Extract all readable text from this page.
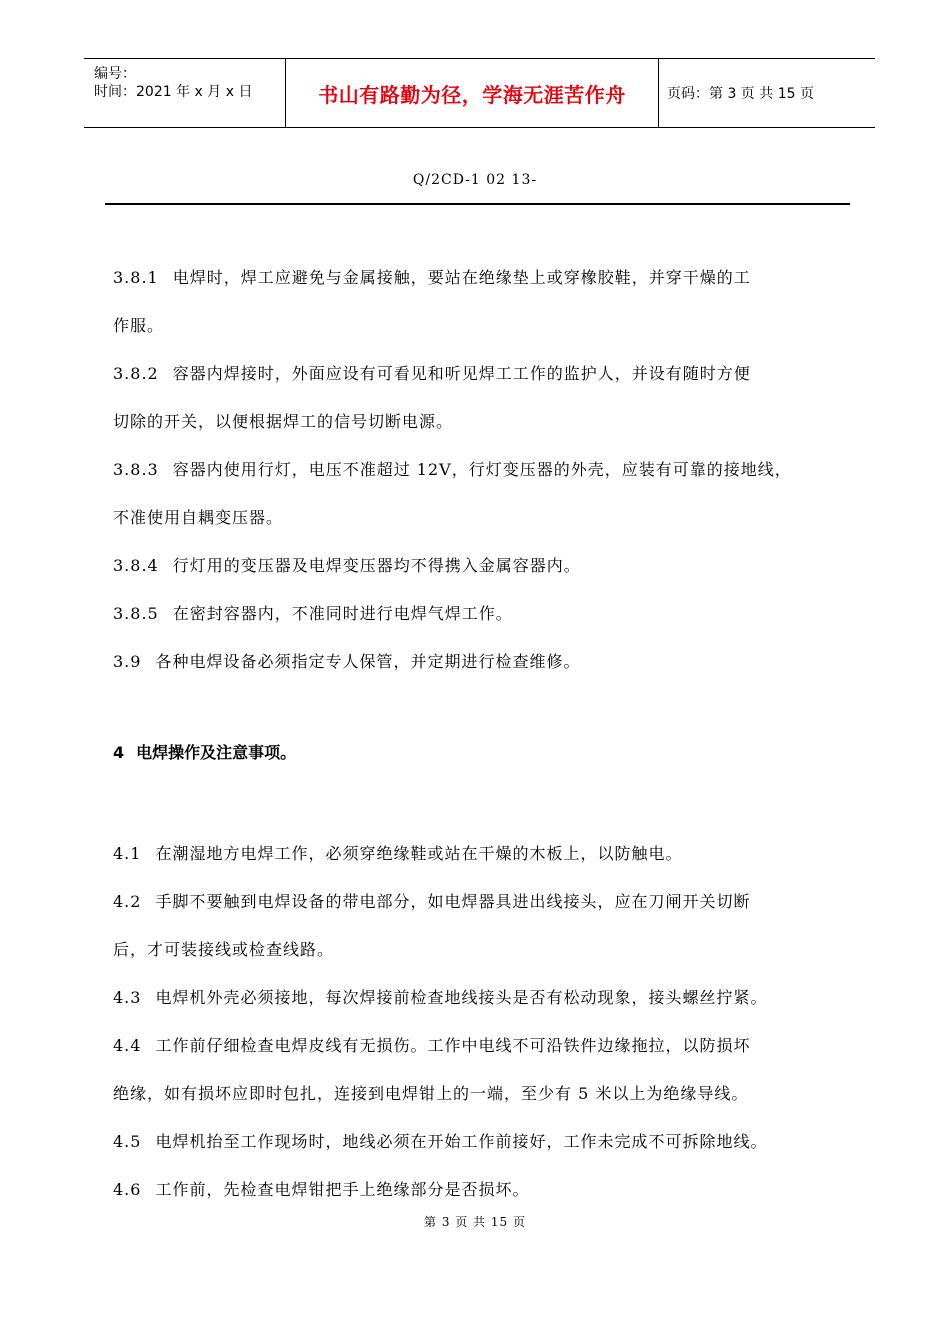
编号：
时间：2021 年 x 月 x 日	书山有路勤为径，学海无涯苦作舟	页码：第 3 页 共 15 页
Q/2CD-1 02 13-
3.8.1 电焊时，焊工应避免与金属接触，要站在绝缘垫上或穿橡胶鞋，并穿干燥的工
作服。
3.8.2 容器内焊接时，外面应设有可看见和听见焊工工作的监护人，并设有随时方便
切除的开关，以便根据焊工的信号切断电源。
3.8.3 容器内使用行灯，电压不准超过 12V，行灯变压器的外壳，应装有可靠的接地线，
不准使用自耦变压器。
3.8.4 行灯用的变压器及电焊变压器均不得携入金属容器内。
3.8.5 在密封容器内，不准同时进行电焊气焊工作。
3.9 各种电焊设备必须指定专人保管，并定期进行检查维修。
4 电焊操作及注意事项。
4.1 在潮湿地方电焊工作，必须穿绝缘鞋或站在干燥的木板上，以防触电。
4.2 手脚不要触到电焊设备的带电部分，如电焊器具进出线接头，应在刀闸开关切断
后，才可装接线或检查线路。
4.3 电焊机外壳必须接地，每次焊接前检查地线接头是否有松动现象，接头螺丝拧紧。
4.4 工作前仔细检查电焊皮线有无损伤。工作中电线不可沿铁件边缘拖拉，以防损坏
绝缘，如有损坏应即时包扎，连接到电焊钳上的一端，至少有 5 米以上为绝缘导线。
4.5 电焊机抬至工作现场时，地线必须在开始工作前接好，工作未完成不可拆除地线。
4.6 工作前，先检查电焊钳把手上绝缘部分是否损坏。
第 3 页 共 15 页
